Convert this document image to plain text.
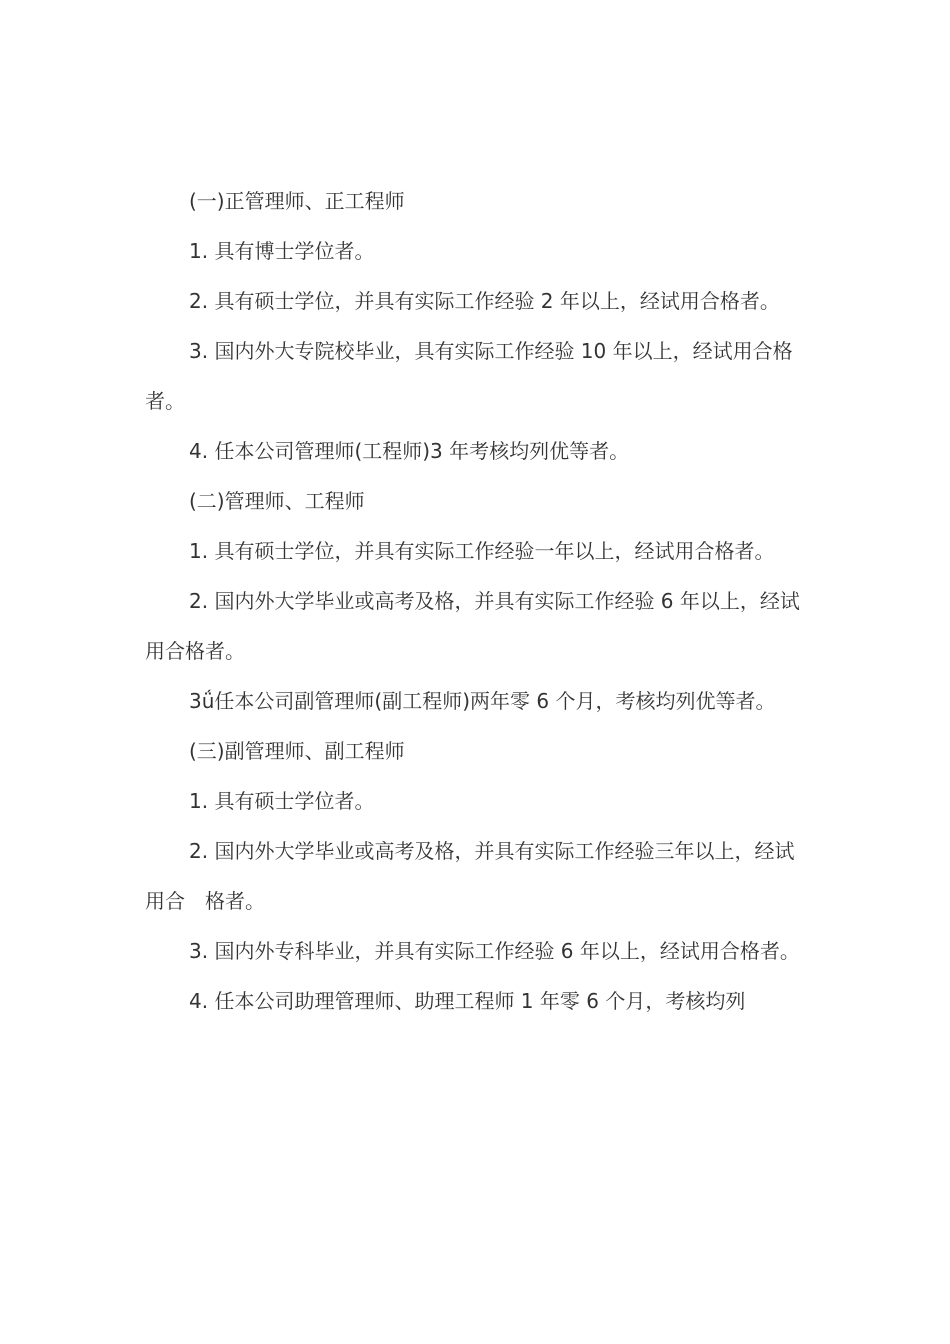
(一)正管理师、正工程师

1. 具有博士学位者。

2. 具有硕士学位，并具有实际工作经验 2 年以上，经试用合格者。

3. 国内外大专院校毕业，具有实际工作经验 10 年以上，经试用合格者。

4. 任本公司管理师(工程师)3 年考核均列优等者。

(二)管理师、工程师

1. 具有硕士学位，并具有实际工作经验一年以上，经试用合格者。

2. 国内外大学毕业或高考及格，并具有实际工作经验 6 年以上，经试用合格者。

3ǘ任本公司副管理师(副工程师)两年零 6 个月，考核均列优等者。

(三)副管理师、副工程师

1. 具有硕士学位者。

2. 国内外大学毕业或高考及格，并具有实际工作经验三年以上，经试用合　格者。

3. 国内外专科毕业，并具有实际工作经验 6 年以上，经试用合格者。

4. 任本公司助理管理师、助理工程师 1 年零 6 个月，考核均列
